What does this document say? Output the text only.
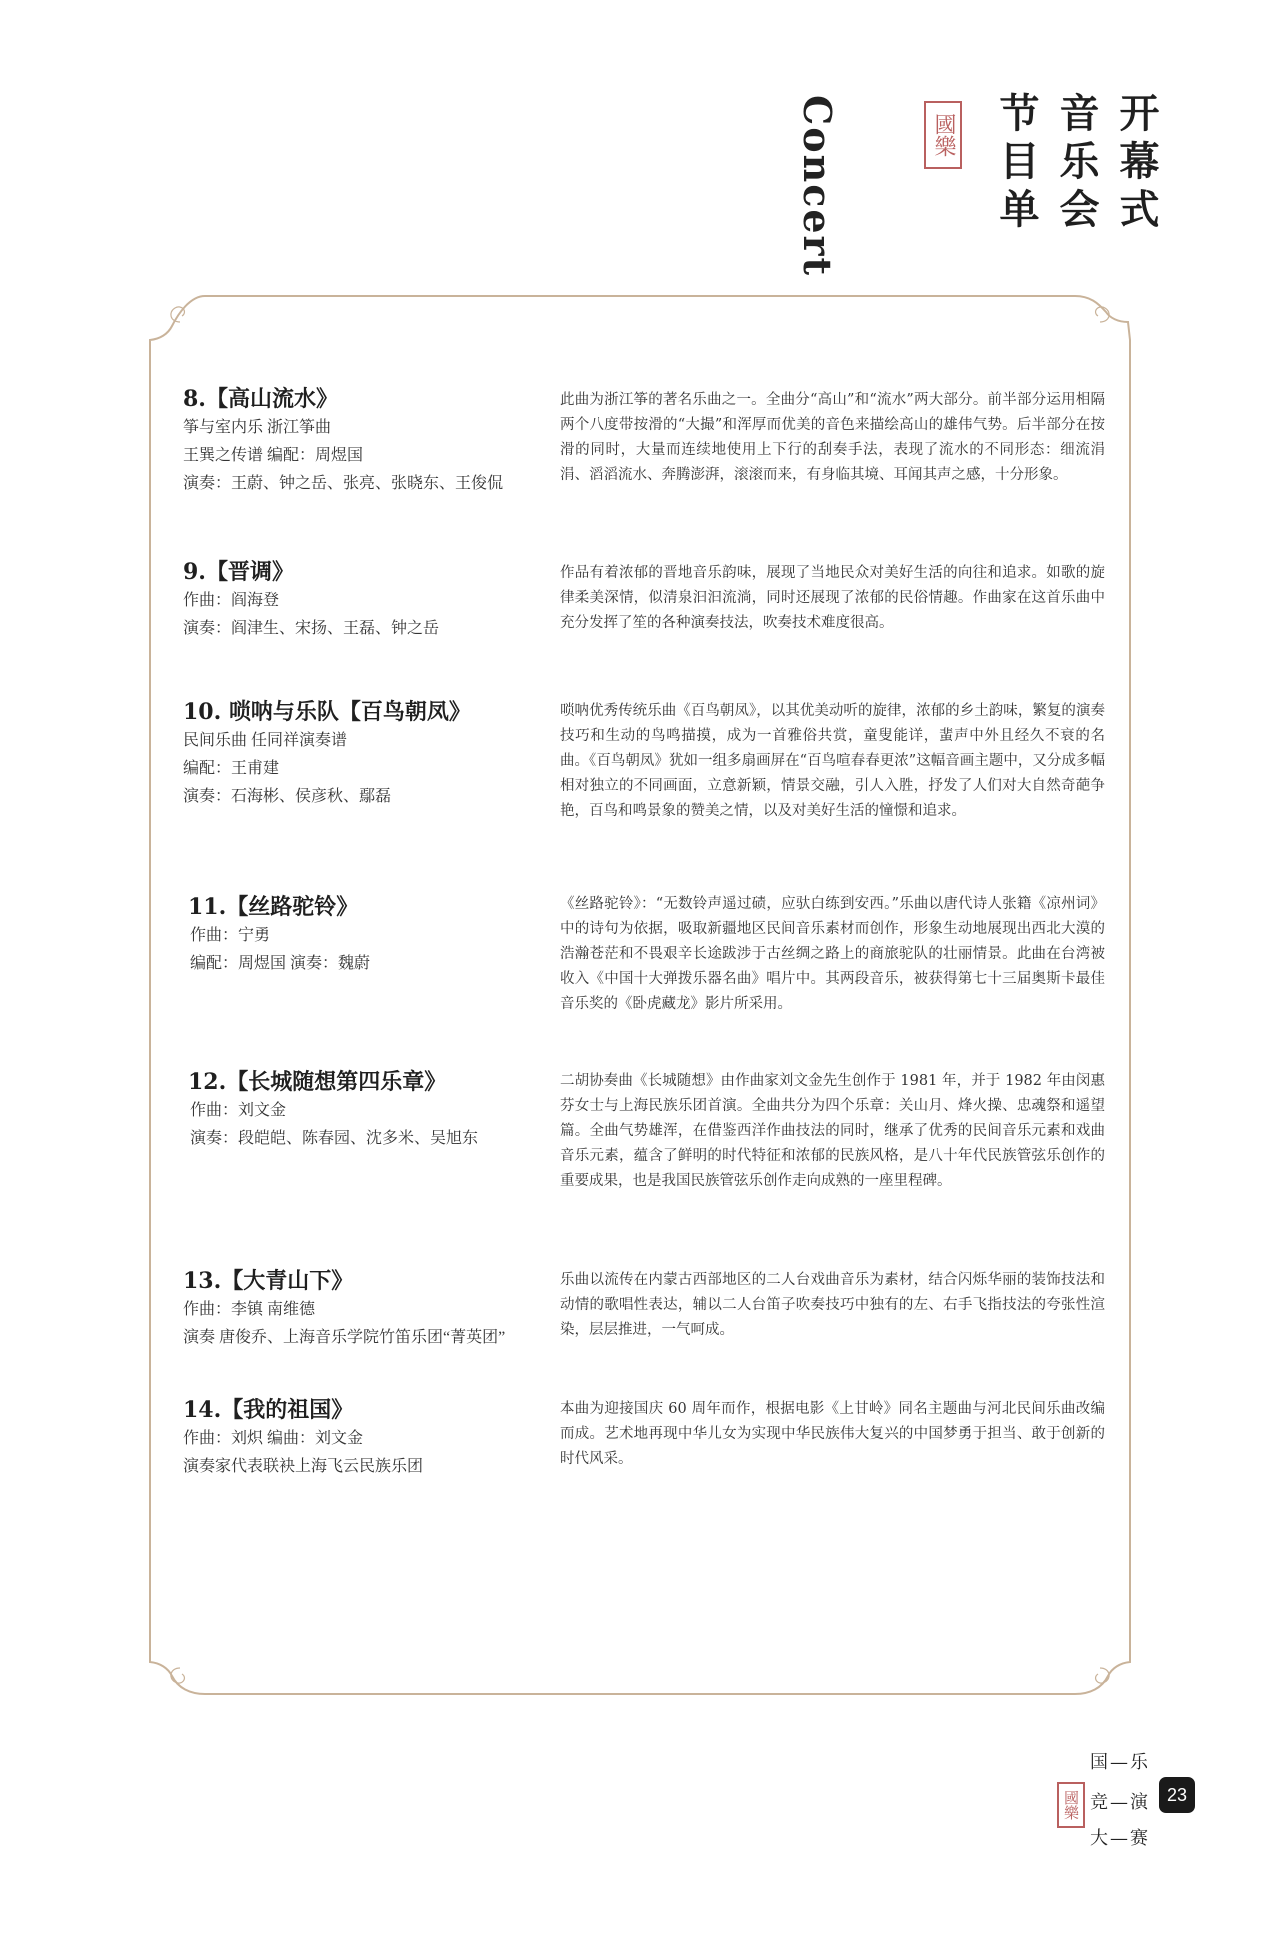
开幕式
音乐会
节目单
國樂
Concert
8.【高山流水》
筝与室内乐 浙江筝曲
王巽之传谱 编配：周煜国
演奏：王蔚、钟之岳、张亮、张晓东、王俊侃
此曲为浙江筝的著名乐曲之一。全曲分“高山”和“流水”两大部分。前半部分运用相隔两个八度带按滑的“大撮”和浑厚而优美的音色来描绘高山的雄伟气势。后半部分在按滑的同时，大量而连续地使用上下行的刮奏手法，表现了流水的不同形态：细流涓涓、滔滔流水、奔腾澎湃，滚滚而来，有身临其境、耳闻其声之感，十分形象。
9.【晋调》
作曲：阎海登
演奏：阎津生、宋扬、王磊、钟之岳
作品有着浓郁的晋地音乐韵味，展现了当地民众对美好生活的向往和追求。如歌的旋律柔美深情，似清泉汩汩流淌，同时还展现了浓郁的民俗情趣。作曲家在这首乐曲中充分发挥了笙的各种演奏技法，吹奏技术难度很高。
10. 唢呐与乐队【百鸟朝凤》
民间乐曲 任同祥演奏谱
编配：王甫建
演奏：石海彬、侯彦秋、鄢磊
唢呐优秀传统乐曲《百鸟朝凤》，以其优美动听的旋律，浓郁的乡土韵味，繁复的演奏技巧和生动的鸟鸣描摸，成为一首雅俗共赏，童叟能详，蜚声中外且经久不衰的名曲。《百鸟朝凤》犹如一组多扇画屏在“百鸟喧春春更浓”这幅音画主题中，又分成多幅相对独立的不同画面，立意新颖，情景交融，引人入胜，抒发了人们对大自然奇葩争艳，百鸟和鸣景象的赞美之情，以及对美好生活的憧憬和追求。
11.【丝路驼铃》
作曲：宁勇
编配：周煜国 演奏：魏蔚
《丝路驼铃》：“无数铃声遥过碛，应驮白练到安西。”乐曲以唐代诗人张籍《凉州词》中的诗句为依据，吸取新疆地区民间音乐素材而创作，形象生动地展现出西北大漠的浩瀚苍茫和不畏艰辛长途跋涉于古丝绸之路上的商旅驼队的壮丽情景。此曲在台湾被收入《中国十大弹拨乐器名曲》唱片中。其两段音乐，被获得第七十三届奥斯卡最佳音乐奖的《卧虎藏龙》影片所采用。
12.【长城随想第四乐章》
作曲：刘文金
演奏：段皑皑、陈春园、沈多米、吴旭东
二胡协奏曲《长城随想》由作曲家刘文金先生创作于 1981 年，并于 1982 年由闵惠芬女士与上海民族乐团首演。全曲共分为四个乐章：关山月、烽火操、忠魂祭和遥望篇。全曲气势雄浑，在借鉴西洋作曲技法的同时，继承了优秀的民间音乐元素和戏曲音乐元素，蕴含了鲜明的时代特征和浓郁的民族风格，是八十年代民族管弦乐创作的重要成果，也是我国民族管弦乐创作走向成熟的一座里程碑。
13.【大青山下》
作曲：李镇 南维德
演奏 唐俊乔、上海音乐学院竹笛乐团“菁英团”
乐曲以流传在内蒙古西部地区的二人台戏曲音乐为素材，结合闪烁华丽的装饰技法和动情的歌唱性表达，辅以二人台笛子吹奏技巧中独有的左、右手飞指技法的夸张性渲染，层层推进，一气呵成。
14.【我的祖国》
作曲：刘炽 编曲：刘文金
演奏家代表联袂上海飞云民族乐团
本曲为迎接国庆 60 周年而作，根据电影《上甘岭》同名主题曲与河北民间乐曲改编而成。艺术地再现中华儿女为实现中华民族伟大复兴的中国梦勇于担当、敢于创新的时代风采。
国—乐
國樂 竞—演
大—赛
23
